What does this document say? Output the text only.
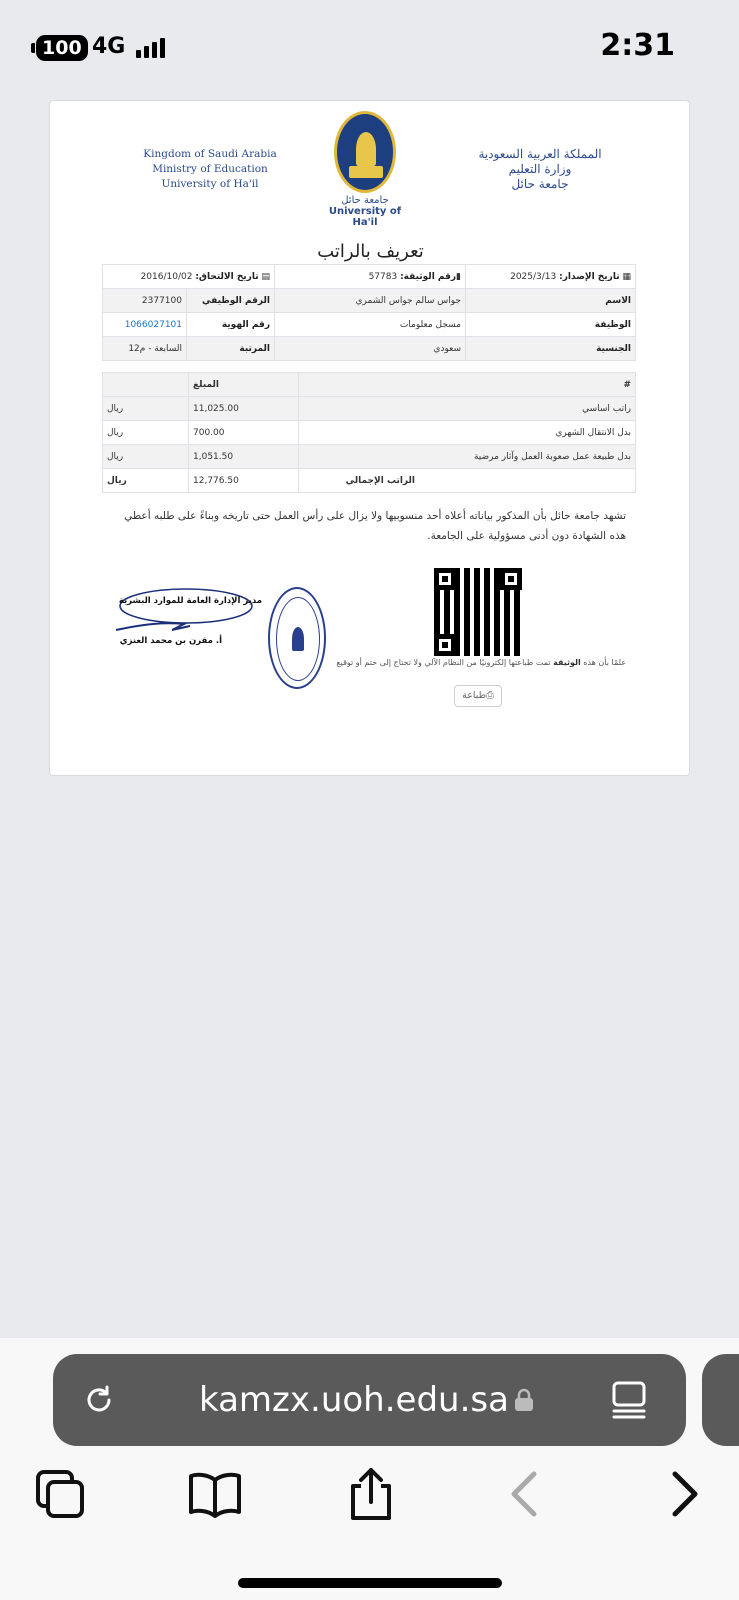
100 4G	2:31
Kingdom of Saudi Arabia
Ministry of Education
University of Ha'il
جامعة حائل
University of Ha'il
المملكة العربية السعودية
وزارة التعليم
جامعة حائل
تعريف بالراتب
▦ تاريخ الإصدار: 2025/3/13	▮رقم الوثيقة: 57783	▤ تاريخ الالتحاق: 2016/10/02	
الاسم	جواس سالم جواس الشمري	الرقم الوظيفي	2377100
الوظيفة	مسجل معلومات	رقم الهوية	1066027101
الجنسية	سعودي	المرتبة	السابعة - م12
#	المبلغ	
راتب اساسي	11,025.00	ريال
بدل الانتقال الشهري	700.00	ريال
بدل طبيعة عمل صعوبة العمل وآثار مرضية	1,051.50	ريال
الراتب الإجمالي	12,776.50	ريال
تشهد جامعة حائل بأن المذكور بياناته أعلاه أحد منسوبيها ولا يزال على رأس العمل حتى تاريخه وبناءً على طلبه أعطي هذه الشهادة دون أدنى مسؤولية على الجامعة.
مدير الإدارة العامة للموارد البشرية
أ. مقرن بن محمد العنزي
علمًا بأن هذه الوثيقة تمت طباعتها إلكترونيًا من النظام الآلي ولا تحتاج إلى ختم أو توقيع
⎙طباعة
kamzx.uoh.edu.sa
